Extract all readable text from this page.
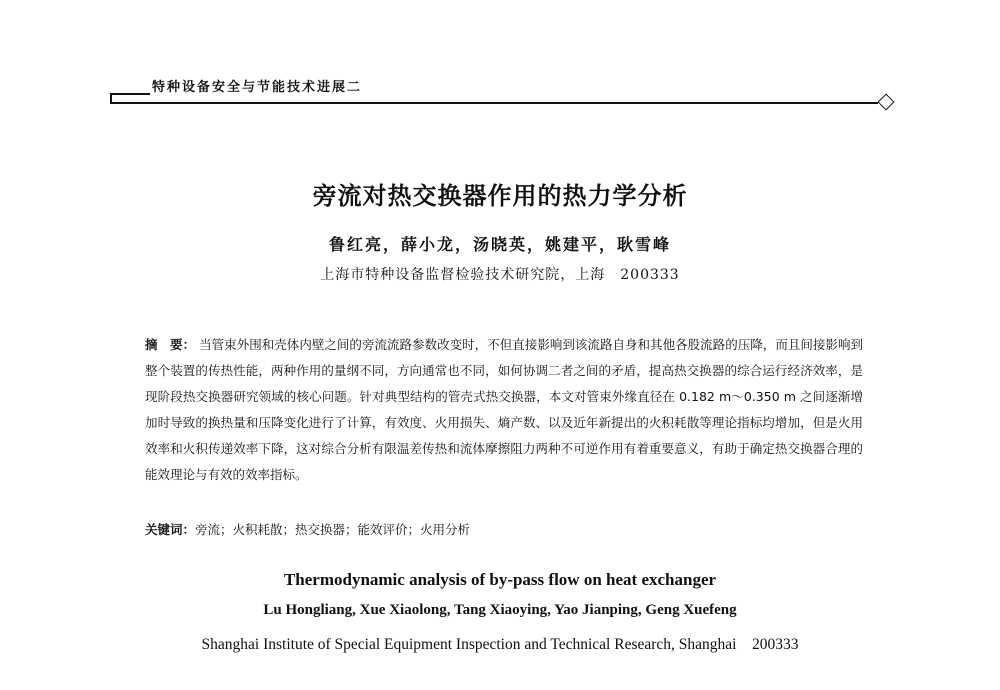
特种设备安全与节能技术进展二
旁流对热交换器作用的热力学分析
鲁红亮，薛小龙，汤晓英，姚建平，耿雪峰
上海市特种设备监督检验技术研究院，上海　200333
摘　要： 当管束外围和壳体内壁之间的旁流流路参数改变时，不但直接影响到该流路自身和其他各股流路的压降，而且间接影响到整个装置的传热性能，两种作用的量纲不同，方向通常也不同，如何协调二者之间的矛盾，提高热交换器的综合运行经济效率，是现阶段热交换器研究领域的核心问题。针对典型结构的管壳式热交换器，本文对管束外缘直径在 0.182 m～0.350 m 之间逐渐增加时导致的换热量和压降变化进行了计算，有效度、火用损失、熵产数、以及近年新提出的火积耗散等理论指标均增加，但是火用效率和火积传递效率下降，这对综合分析有限温差传热和流体摩擦阻力两种不可逆作用有着重要意义，有助于确定热交换器合理的能效理论与有效的效率指标。
关键词：旁流；火积耗散；热交换器；能效评价；火用分析
Thermodynamic analysis of by-pass flow on heat exchanger
Lu Hongliang, Xue Xiaolong, Tang Xiaoying, Yao Jianping, Geng Xuefeng
Shanghai Institute of Special Equipment Inspection and Technical Research, Shanghai　200333
